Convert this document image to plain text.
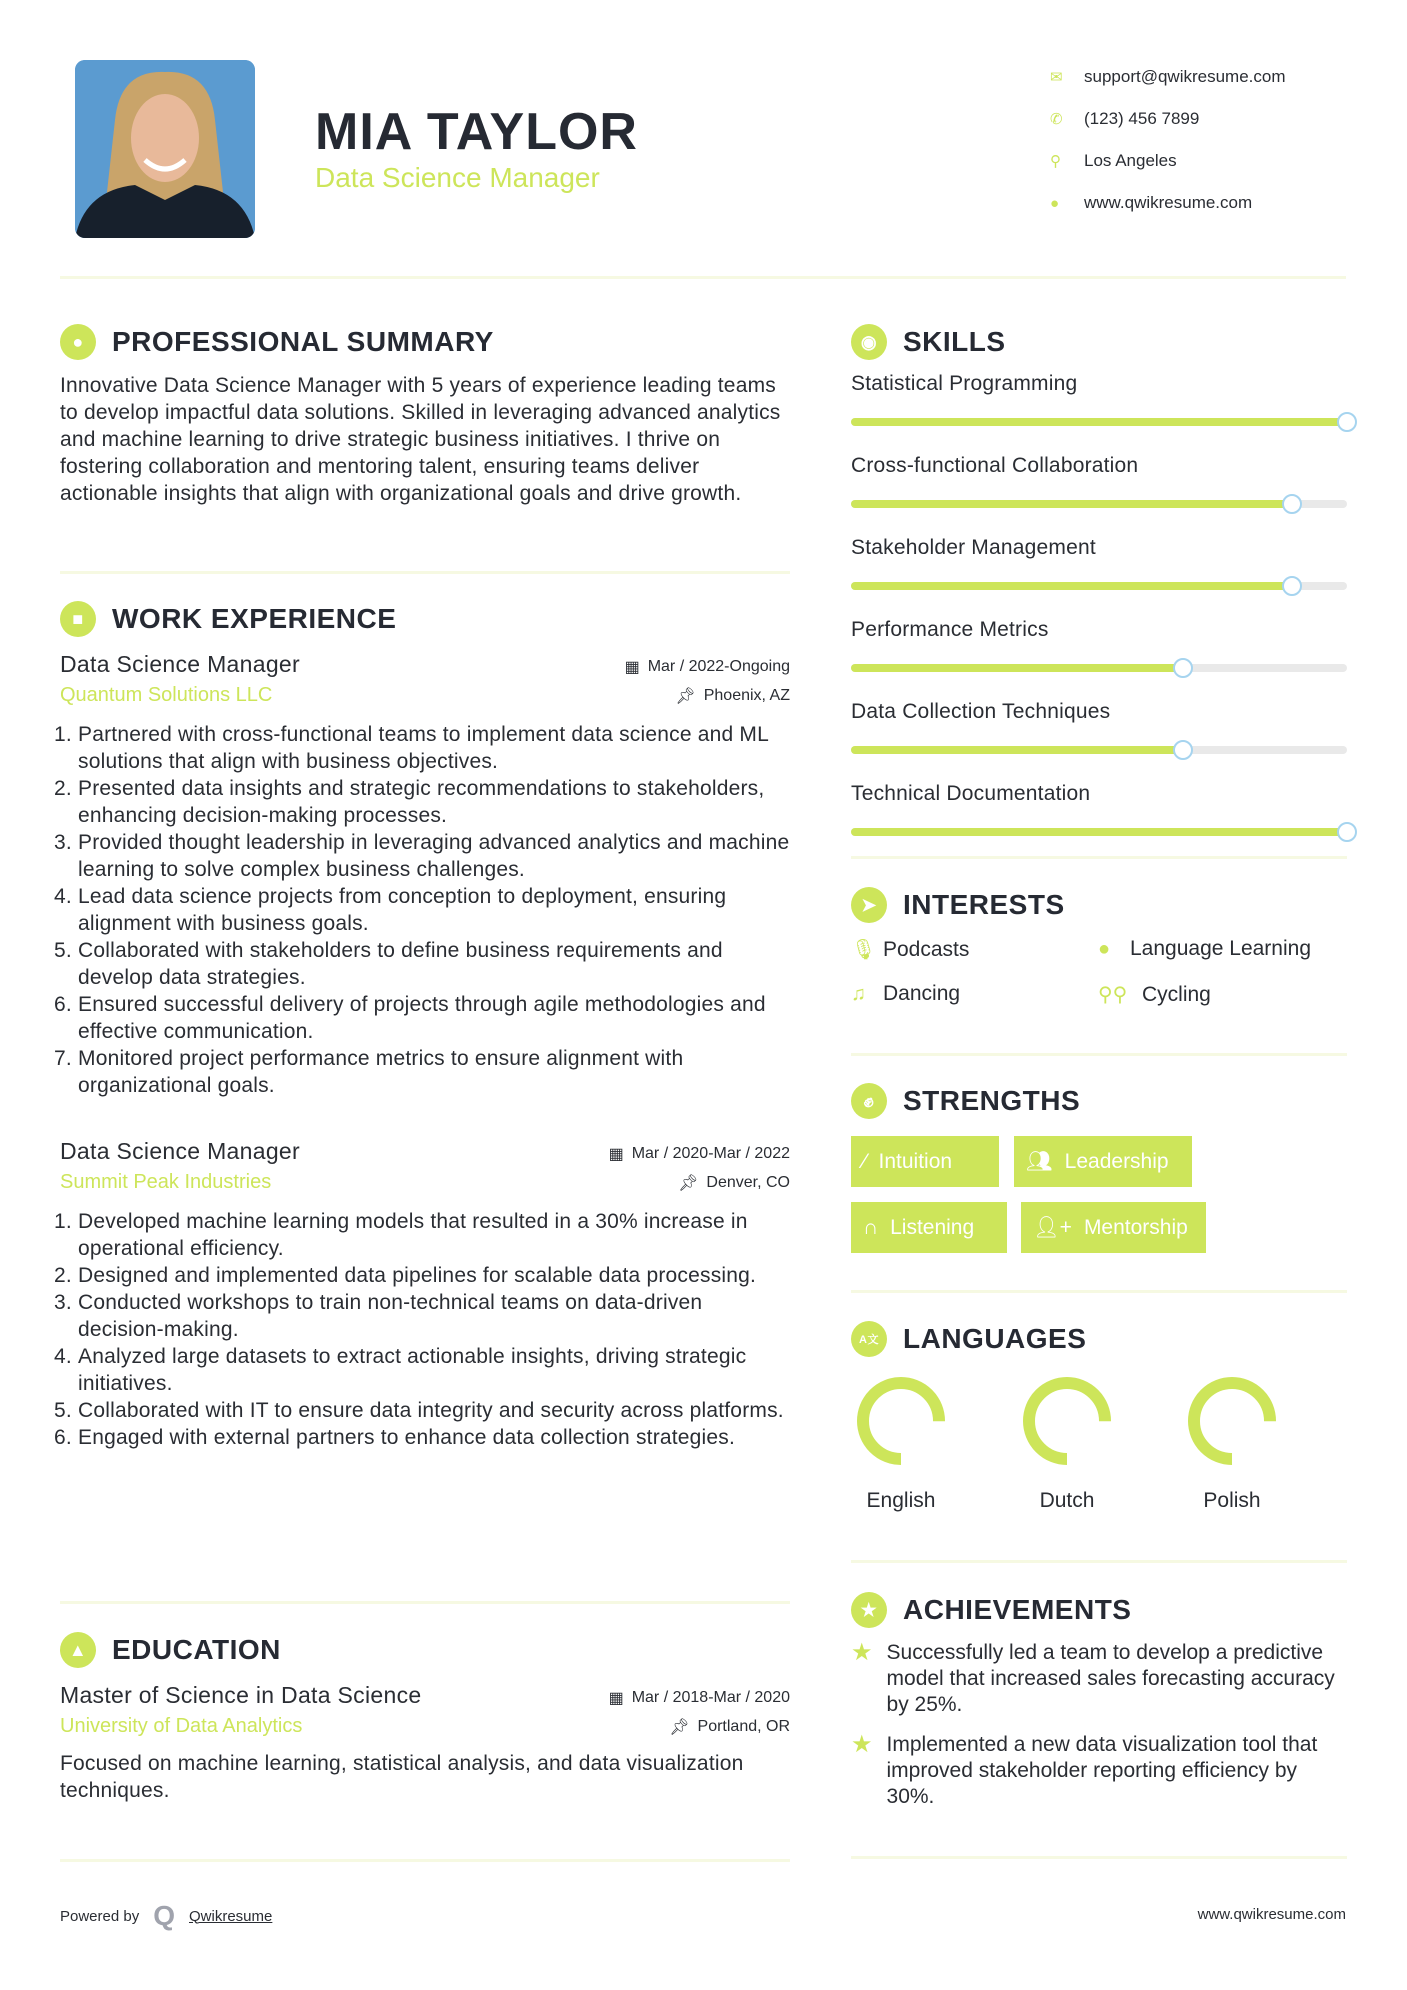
MIA TAYLOR
Data Science Manager
✉	support@qwikresume.com
✆	(123) 456 7899
⚲	Los Angeles
●	www.qwikresume.com
●	PROFESSIONAL SUMMARY

Innovative Data Science Manager with 5 years of experience leading teams to develop impactful data solutions. Skilled in leveraging advanced analytics and machine learning to drive strategic business initiatives. I thrive on fostering collaboration and mentoring talent, ensuring teams deliver actionable insights that align with organizational goals and drive growth.

■	WORK EXPERIENCE
Data Science Manager	▦ Mar / 2022-Ongoing
Quantum Solutions LLC	📌︎ Phoenix, AZ
1. Partnered with cross-functional teams to implement data science and ML solutions that align with business objectives.
2. Presented data insights and strategic recommendations to stakeholders, enhancing decision-making processes.
3. Provided thought leadership in leveraging advanced analytics and machine learning to solve complex business challenges.
4. Lead data science projects from conception to deployment, ensuring alignment with business goals.
5. Collaborated with stakeholders to define business requirements and develop data strategies.
6. Ensured successful delivery of projects through agile methodologies and effective communication.
7. Monitored project performance metrics to ensure alignment with organizational goals.
Data Science Manager	▦ Mar / 2020-Mar / 2022
Summit Peak Industries	📌︎ Denver, CO
1. Developed machine learning models that resulted in a 30% increase in operational efficiency.
2. Designed and implemented data pipelines for scalable data processing.
3. Conducted workshops to train non-technical teams on data-driven decision-making.
4. Analyzed large datasets to extract actionable insights, driving strategic initiatives.
5. Collaborated with IT to ensure data integrity and security across platforms.
6. Engaged with external partners to enhance data collection strategies.
▲ EDUCATION
Master of Science in Data Science	▦ Mar / 2018-Mar / 2020
University of Data Analytics	📌︎ Portland, OR

Focused on machine learning, statistical analysis, and data visualization techniques.

◉ SKILLS
Statistical Programming
Cross-functional Collaboration
Stakeholder Management
Performance Metrics
Data Collection Techniques
Technical Documentation
➤ INTERESTS
🎙︎ Podcasts	● Language Learning
♫ Dancing	⚲⚲ Cycling
✊︎	STRENGTHS
⁄ Intuition	👥︎ Leadership
∩ Listening	👤︎+ Mentorship
A文 LANGUAGES
English	Dutch	Polish
★ ACHIEVEMENTS
★ Successfully led a team to develop a predictive model that increased sales forecasting accuracy by 25%.
★ Implemented a new data visualization tool that improved stakeholder reporting efficiency by 30%.
Powered by Q Qwikresume	www.qwikresume.com
